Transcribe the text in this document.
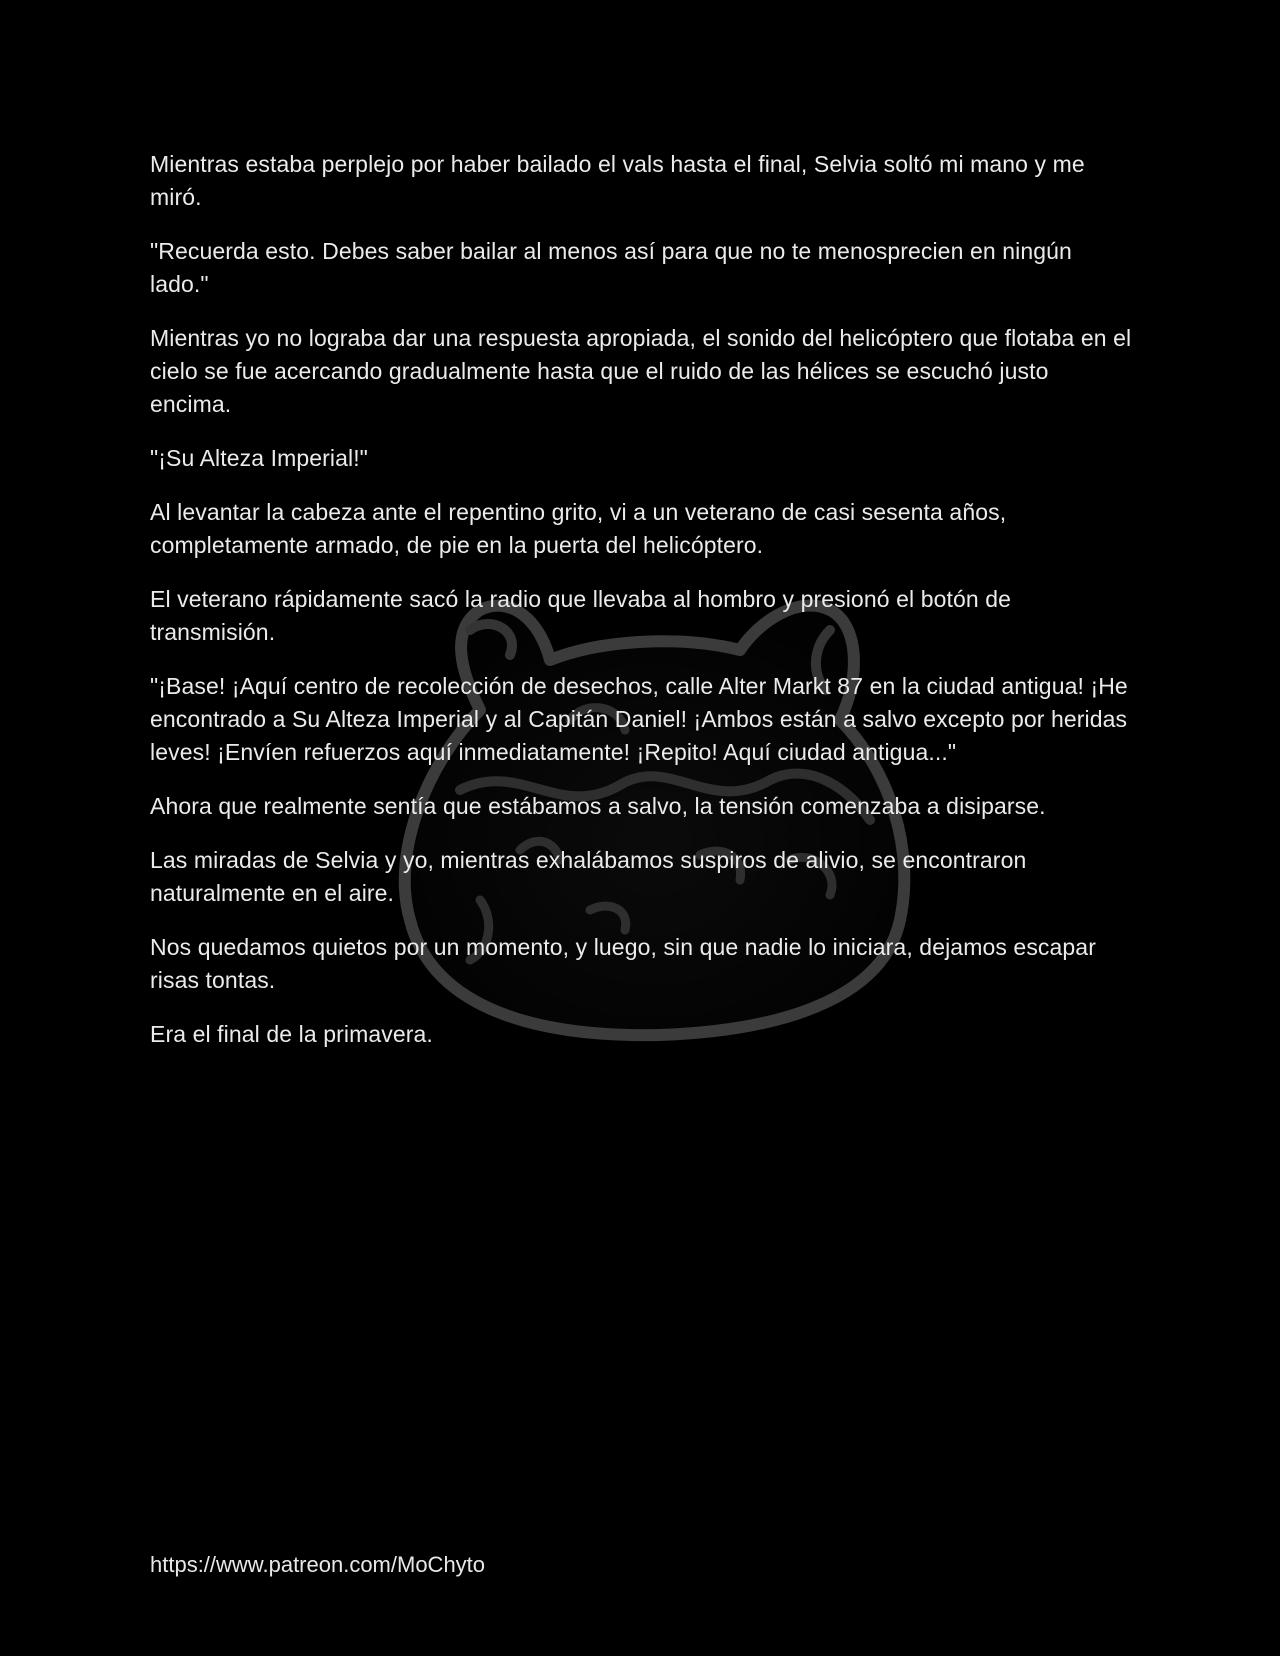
Mientras estaba perplejo por haber bailado el vals hasta el final, Selvia soltó mi mano y me miró.

"Recuerda esto. Debes saber bailar al menos así para que no te menosprecien en ningún lado."

Mientras yo no lograba dar una respuesta apropiada, el sonido del helicóptero que flotaba en el cielo se fue acercando gradualmente hasta que el ruido de las hélices se escuchó justo encima.

"¡Su Alteza Imperial!"

Al levantar la cabeza ante el repentino grito, vi a un veterano de casi sesenta años, completamente armado, de pie en la puerta del helicóptero.

El veterano rápidamente sacó la radio que llevaba al hombro y presionó el botón de transmisión.

"¡Base! ¡Aquí centro de recolección de desechos, calle Alter Markt 87 en la ciudad antigua! ¡He encontrado a Su Alteza Imperial y al Capitán Daniel! ¡Ambos están a salvo excepto por heridas leves! ¡Envíen refuerzos aquí inmediatamente! ¡Repito! Aquí ciudad antigua..."

Ahora que realmente sentía que estábamos a salvo, la tensión comenzaba a disiparse.

Las miradas de Selvia y yo, mientras exhalábamos suspiros de alivio, se encontraron naturalmente en el aire.

Nos quedamos quietos por un momento, y luego, sin que nadie lo iniciara, dejamos escapar risas tontas.

Era el final de la primavera.

https://www.patreon.com/MoChyto
